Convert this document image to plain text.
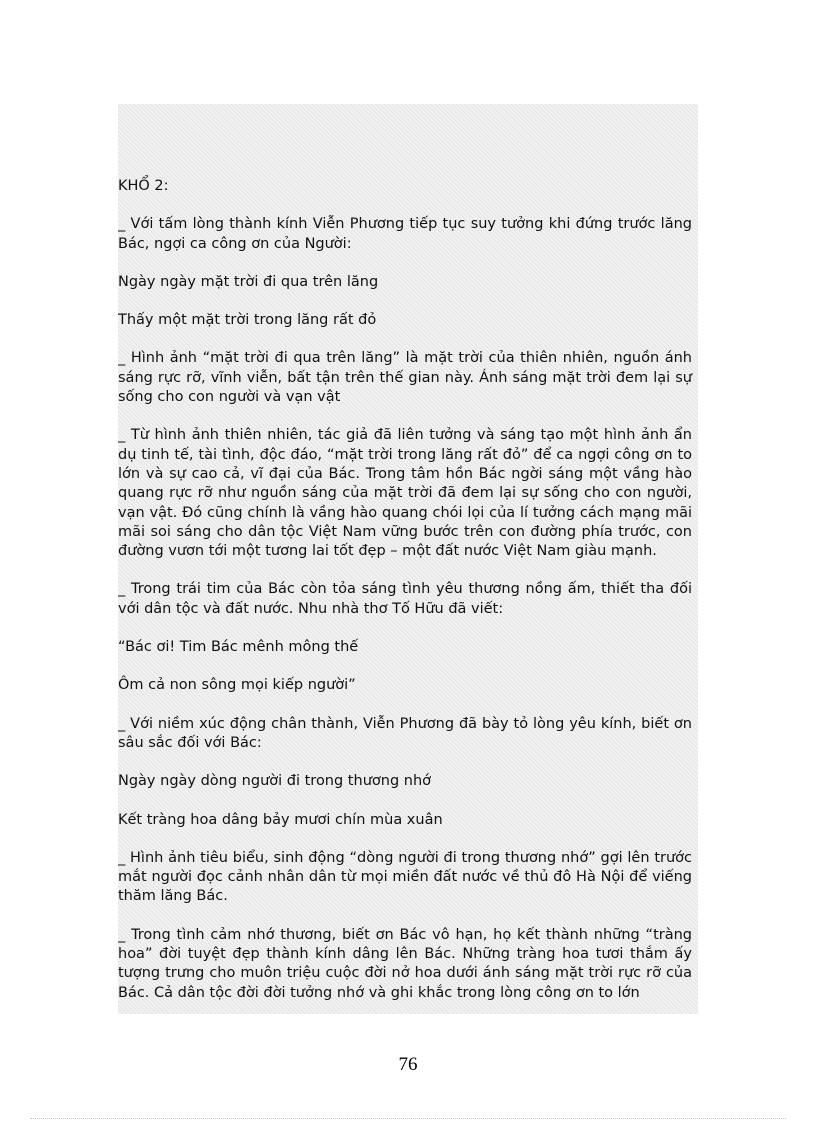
KHỔ 2:

_ Với tấm lòng thành kính Viễn Phương tiếp tục suy tưởng khi đứng trước lăng Bác, ngợi ca công ơn của Người:

Ngày ngày mặt trời đi qua trên lăng

Thấy một mặt trời trong lăng rất đỏ

_ Hình ảnh “mặt trời đi qua trên lăng” là mặt trời của thiên nhiên, nguồn ánh sáng rực rỡ, vĩnh viễn, bất tận trên thế gian này. Ánh sáng mặt trời đem lại sự sống cho con người và vạn vật

_ Từ hình ảnh thiên nhiên, tác giả đã liên tưởng và sáng tạo một hình ảnh ẩn dụ tinh tế, tài tình, độc đáo, “mặt trời trong lăng rất đỏ” để ca ngợi công ơn to lớn và sự cao cả, vĩ đại của Bác. Trong tâm hồn Bác ngời sáng một vầng hào quang rực rỡ như nguồn sáng của mặt trời đã đem lại sự sống cho con người, vạn vật. Đó cũng chính là vầng hào quang chói lọi của lí tưởng cách mạng mãi mãi soi sáng cho dân tộc Việt Nam vững bước trên con đường phía trước, con đường vươn tới một tương lai tốt đẹp – một đất nước Việt Nam giàu mạnh.

_ Trong trái tim của Bác còn tỏa sáng tình yêu thương nồng ấm, thiết tha đối với dân tộc và đất nước. Nhu nhà thơ Tố Hữu đã viết:

“Bác ơi! Tim Bác mênh mông thế

Ôm cả non sông mọi kiếp người”

_ Với niềm xúc động chân thành, Viễn Phương đã bày tỏ lòng yêu kính, biết ơn sâu sắc đối với Bác:

Ngày ngày dòng người đi trong thương nhớ

Kết tràng hoa dâng bảy mươi chín mùa xuân

_ Hình ảnh tiêu biểu, sinh động “dòng người đi trong thương nhớ” gợi lên trước mắt người đọc cảnh nhân dân từ mọi miền đất nước về thủ đô Hà Nội để viếng thăm lăng Bác.

_ Trong tình cảm nhớ thương, biết ơn Bác vô hạn, họ kết thành những “tràng hoa” đời tuyệt đẹp thành kính dâng lên Bác. Những tràng hoa tươi thắm ấy tượng trưng cho muôn triệu cuộc đời nở hoa dưới ánh sáng mặt trời rực rỡ của Bác. Cả dân tộc đời đời tưởng nhớ và ghi khắc trong lòng công ơn to lớn

76
